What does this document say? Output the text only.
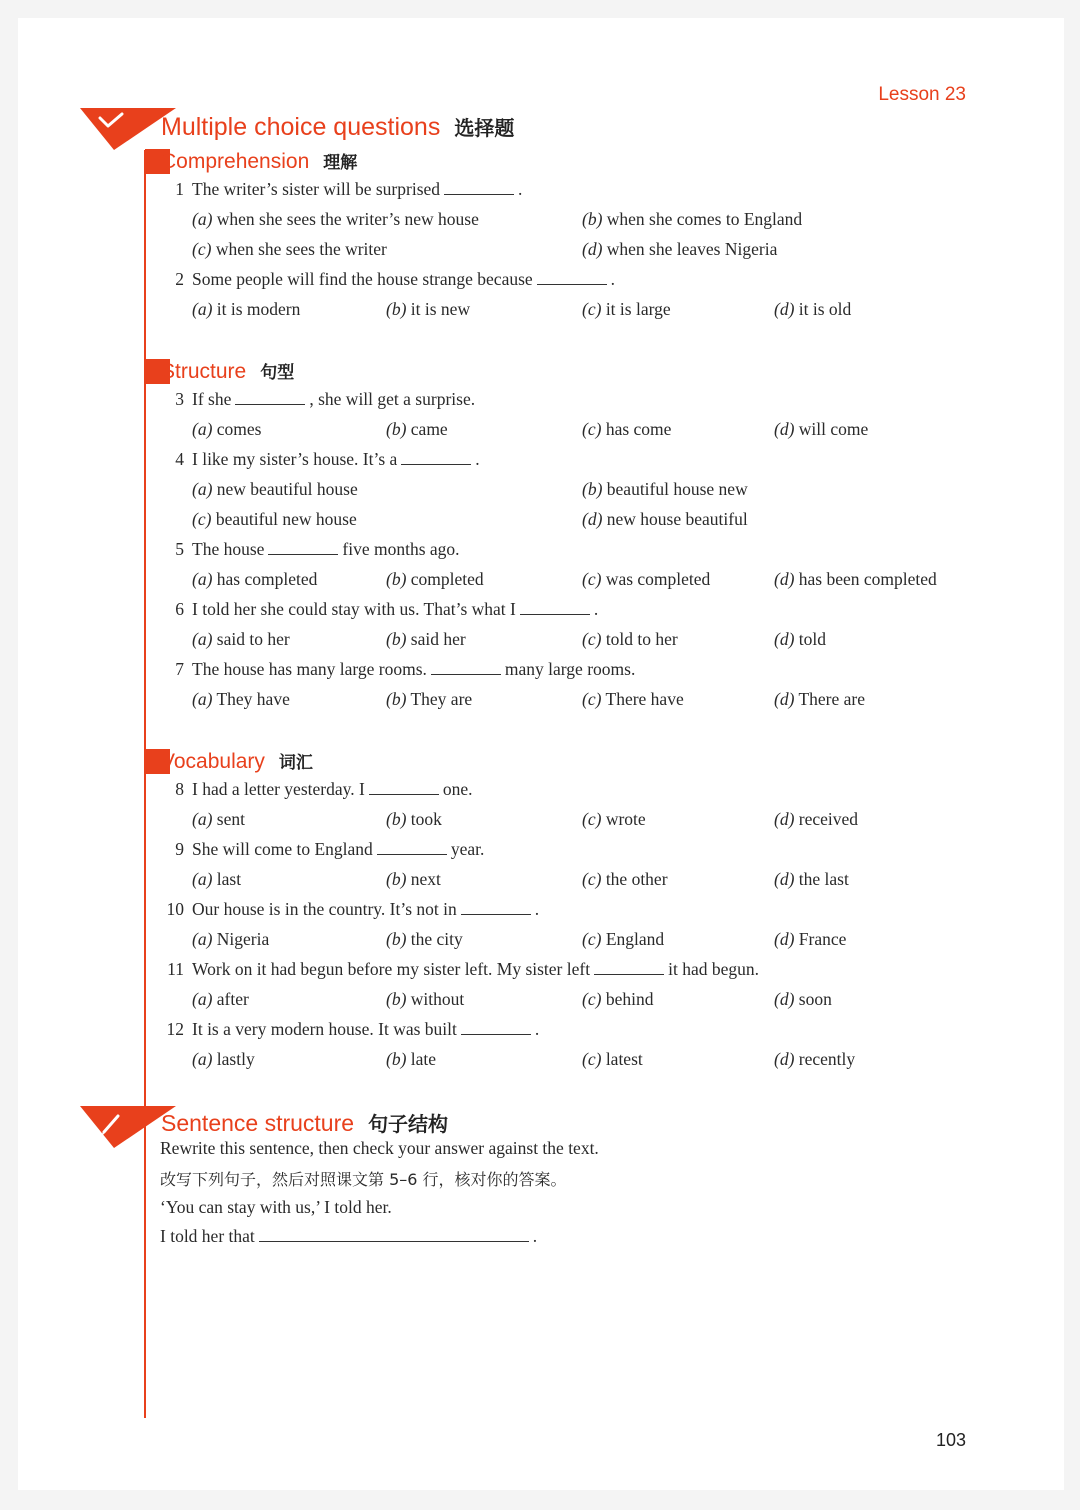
Lesson 23
Multiple choice questions 选择题
Comprehension 理解
1 The writer’s sister will be surprised	.
(a) when she sees the writer’s new house	(b) when she comes to England
(c) when she sees the writer	(d) when she leaves Nigeria
2 Some people will find the house strange because	.
(a) it is modern	(b) it is new	(c) it is large	(d) it is old
Structure 句型
3 If she	, she will get a surprise.
(a) comes	(b) came	(c) has come	(d) will come
4 I like my sister’s house. It’s a	.
(a) new beautiful house	(b) beautiful house new
(c) beautiful new house	(d) new house beautiful
5 The house	five months ago.
(a) has completed	(b) completed	(c) was completed	(d) has been completed
6 I told her she could stay with us. That’s what I	.
(a) said to her	(b) said her	(c) told to her	(d) told
7 The house has many large rooms.	many large rooms.
(a) They have	(b) They are	(c) There have	(d) There are
Vocabulary 词汇
8 I had a letter yesterday. I	one.
(a) sent	(b) took	(c) wrote	(d) received
9 She will come to England	year.
(a) last	(b) next	(c) the other	(d) the last
10 Our house is in the country. It’s not in	.
(a) Nigeria	(b) the city	(c) England	(d) France
11 Work on it had begun before my sister left. My sister left	it had begun.
(a) after	(b) without	(c) behind	(d) soon
12 It is a very modern house. It was built	.
(a) lastly	(b) late	(c) latest	(d) recently
Sentence structure 句子结构
Rewrite this sentence, then check your answer against the text.
改写下列句子，然后对照课文第 5–6 行，核对你的答案。
‘You can stay with us,’ I told her.
I told her that	.
103
